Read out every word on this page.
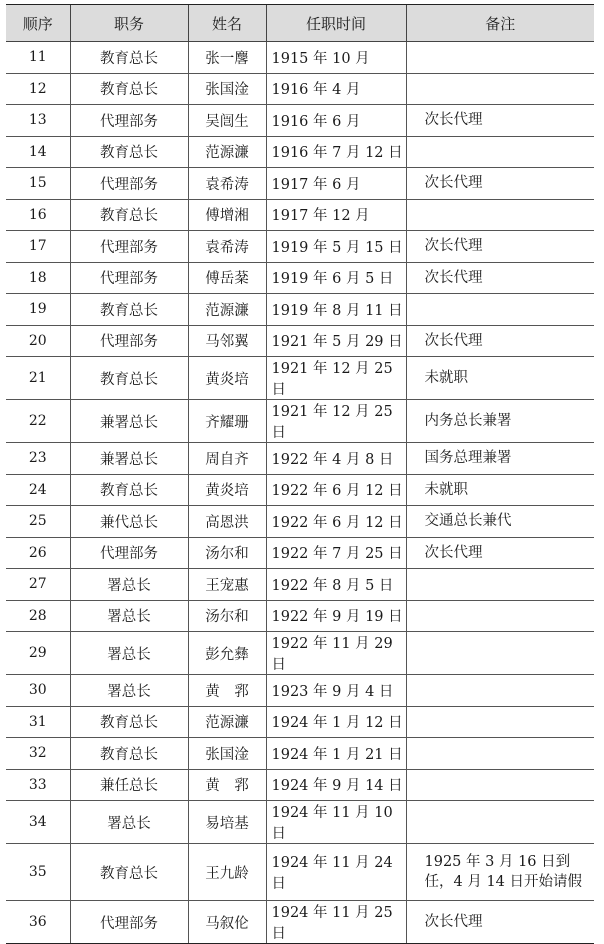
顺序	职务	姓名	任职时间	备注
11	教育总长	张一麐	1915 年 10 月	
12	教育总长	张国淦	1916 年 4 月	
13	代理部务	吴闿生	1916 年 6 月	次长代理
14	教育总长	范源濂	1916 年 7 月 12 日	
15	代理部务	袁希涛	1917 年 6 月	次长代理
16	教育总长	傅增湘	1917 年 12 月	
17	代理部务	袁希涛	1919 年 5 月 15 日	次长代理
18	代理部务	傅岳棻	1919 年 6 月 5 日	次长代理
19	教育总长	范源濂	1919 年 8 月 11 日	
20	代理部务	马邻翼	1921 年 5 月 29 日	次长代理
21	教育总长	黄炎培	1921 年 12 月 25 日	未就职
22	兼署总长	齐耀珊	1921 年 12 月 25 日	内务总长兼署
23	兼署总长	周自齐	1922 年 4 月 8 日	国务总理兼署
24	教育总长	黄炎培	1922 年 6 月 12 日	未就职
25	兼代总长	高恩洪	1922 年 6 月 12 日	交通总长兼代
26	代理部务	汤尔和	1922 年 7 月 25 日	次长代理
27	署总长	王宠惠	1922 年 8 月 5 日	
28	署总长	汤尔和	1922 年 9 月 19 日	
29	署总长	彭允彝	1922 年 11 月 29 日	
30	署总长	黄　郛	1923 年 9 月 4 日	
31	教育总长	范源濂	1924 年 1 月 12 日	
32	教育总长	张国淦	1924 年 1 月 21 日	
33	兼任总长	黄　郛	1924 年 9 月 14 日	
34	署总长	易培基	1924 年 11 月 10 日	
35	教育总长	王九龄	1924 年 11 月 24 日	1925 年 3 月 16 日到任，4 月 14 日开始请假
36	代理部务	马叙伦	1924 年 11 月 25 日	次长代理
